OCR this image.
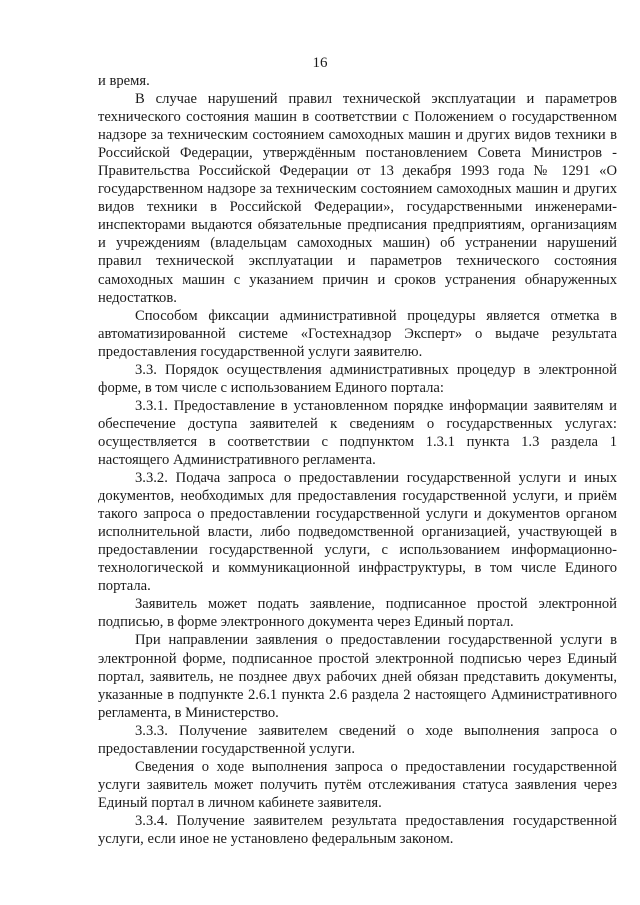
16

и время.

В случае нарушений правил технической эксплуатации и параметров технического состояния машин в соответствии с Положением о государственном надзоре за техническим состоянием самоходных машин и других видов техники в Российской Федерации, утверждённым постановлением Совета Министров - Правительства Российской Федерации от 13 декабря 1993 года № 1291 «О государственном надзоре за техническим состоянием самоходных машин и других видов техники в Российской Федерации», государственными инженерами-инспекторами выдаются обязательные предписания предприятиям, организациям и учреждениям (владельцам самоходных машин) об устранении нарушений правил технической эксплуатации и параметров технического состояния самоходных машин с указанием причин и сроков устранения обнаруженных недостатков.

Способом фиксации административной процедуры является отметка в автоматизированной системе «Гостехнадзор Эксперт» о выдаче результата предоставления государственной услуги заявителю.

3.3. Порядок осуществления административных процедур в электронной форме, в том числе с использованием Единого портала:

3.3.1. Предоставление в установленном порядке информации заявителям и обеспечение доступа заявителей к сведениям о государственных услугах: осуществляется в соответствии с подпунктом 1.3.1 пункта 1.3 раздела 1 настоящего Административного регламента.

3.3.2. Подача запроса о предоставлении государственной услуги и иных документов, необходимых для предоставления государственной услуги, и приём такого запроса о предоставлении государственной услуги и документов органом исполнительной власти, либо подведомственной организацией, участвующей в предоставлении государственной услуги, с использованием информационно-технологической и коммуникационной инфраструктуры, в том числе Единого портала.

Заявитель может подать заявление, подписанное простой электронной подписью, в форме электронного документа через Единый портал.

При направлении заявления о предоставлении государственной услуги в электронной форме, подписанное простой электронной подписью через Единый портал, заявитель, не позднее двух рабочих дней обязан представить документы, указанные в подпункте 2.6.1 пункта 2.6 раздела 2 настоящего Административного регламента, в Министерство.

3.3.3. Получение заявителем сведений о ходе выполнения запроса о предоставлении государственной услуги.

Сведения о ходе выполнения запроса о предоставлении государственной услуги заявитель может получить путём отслеживания статуса заявления через Единый портал в личном кабинете заявителя.

3.3.4. Получение заявителем результата предоставления государственной услуги, если иное не установлено федеральным законом.
